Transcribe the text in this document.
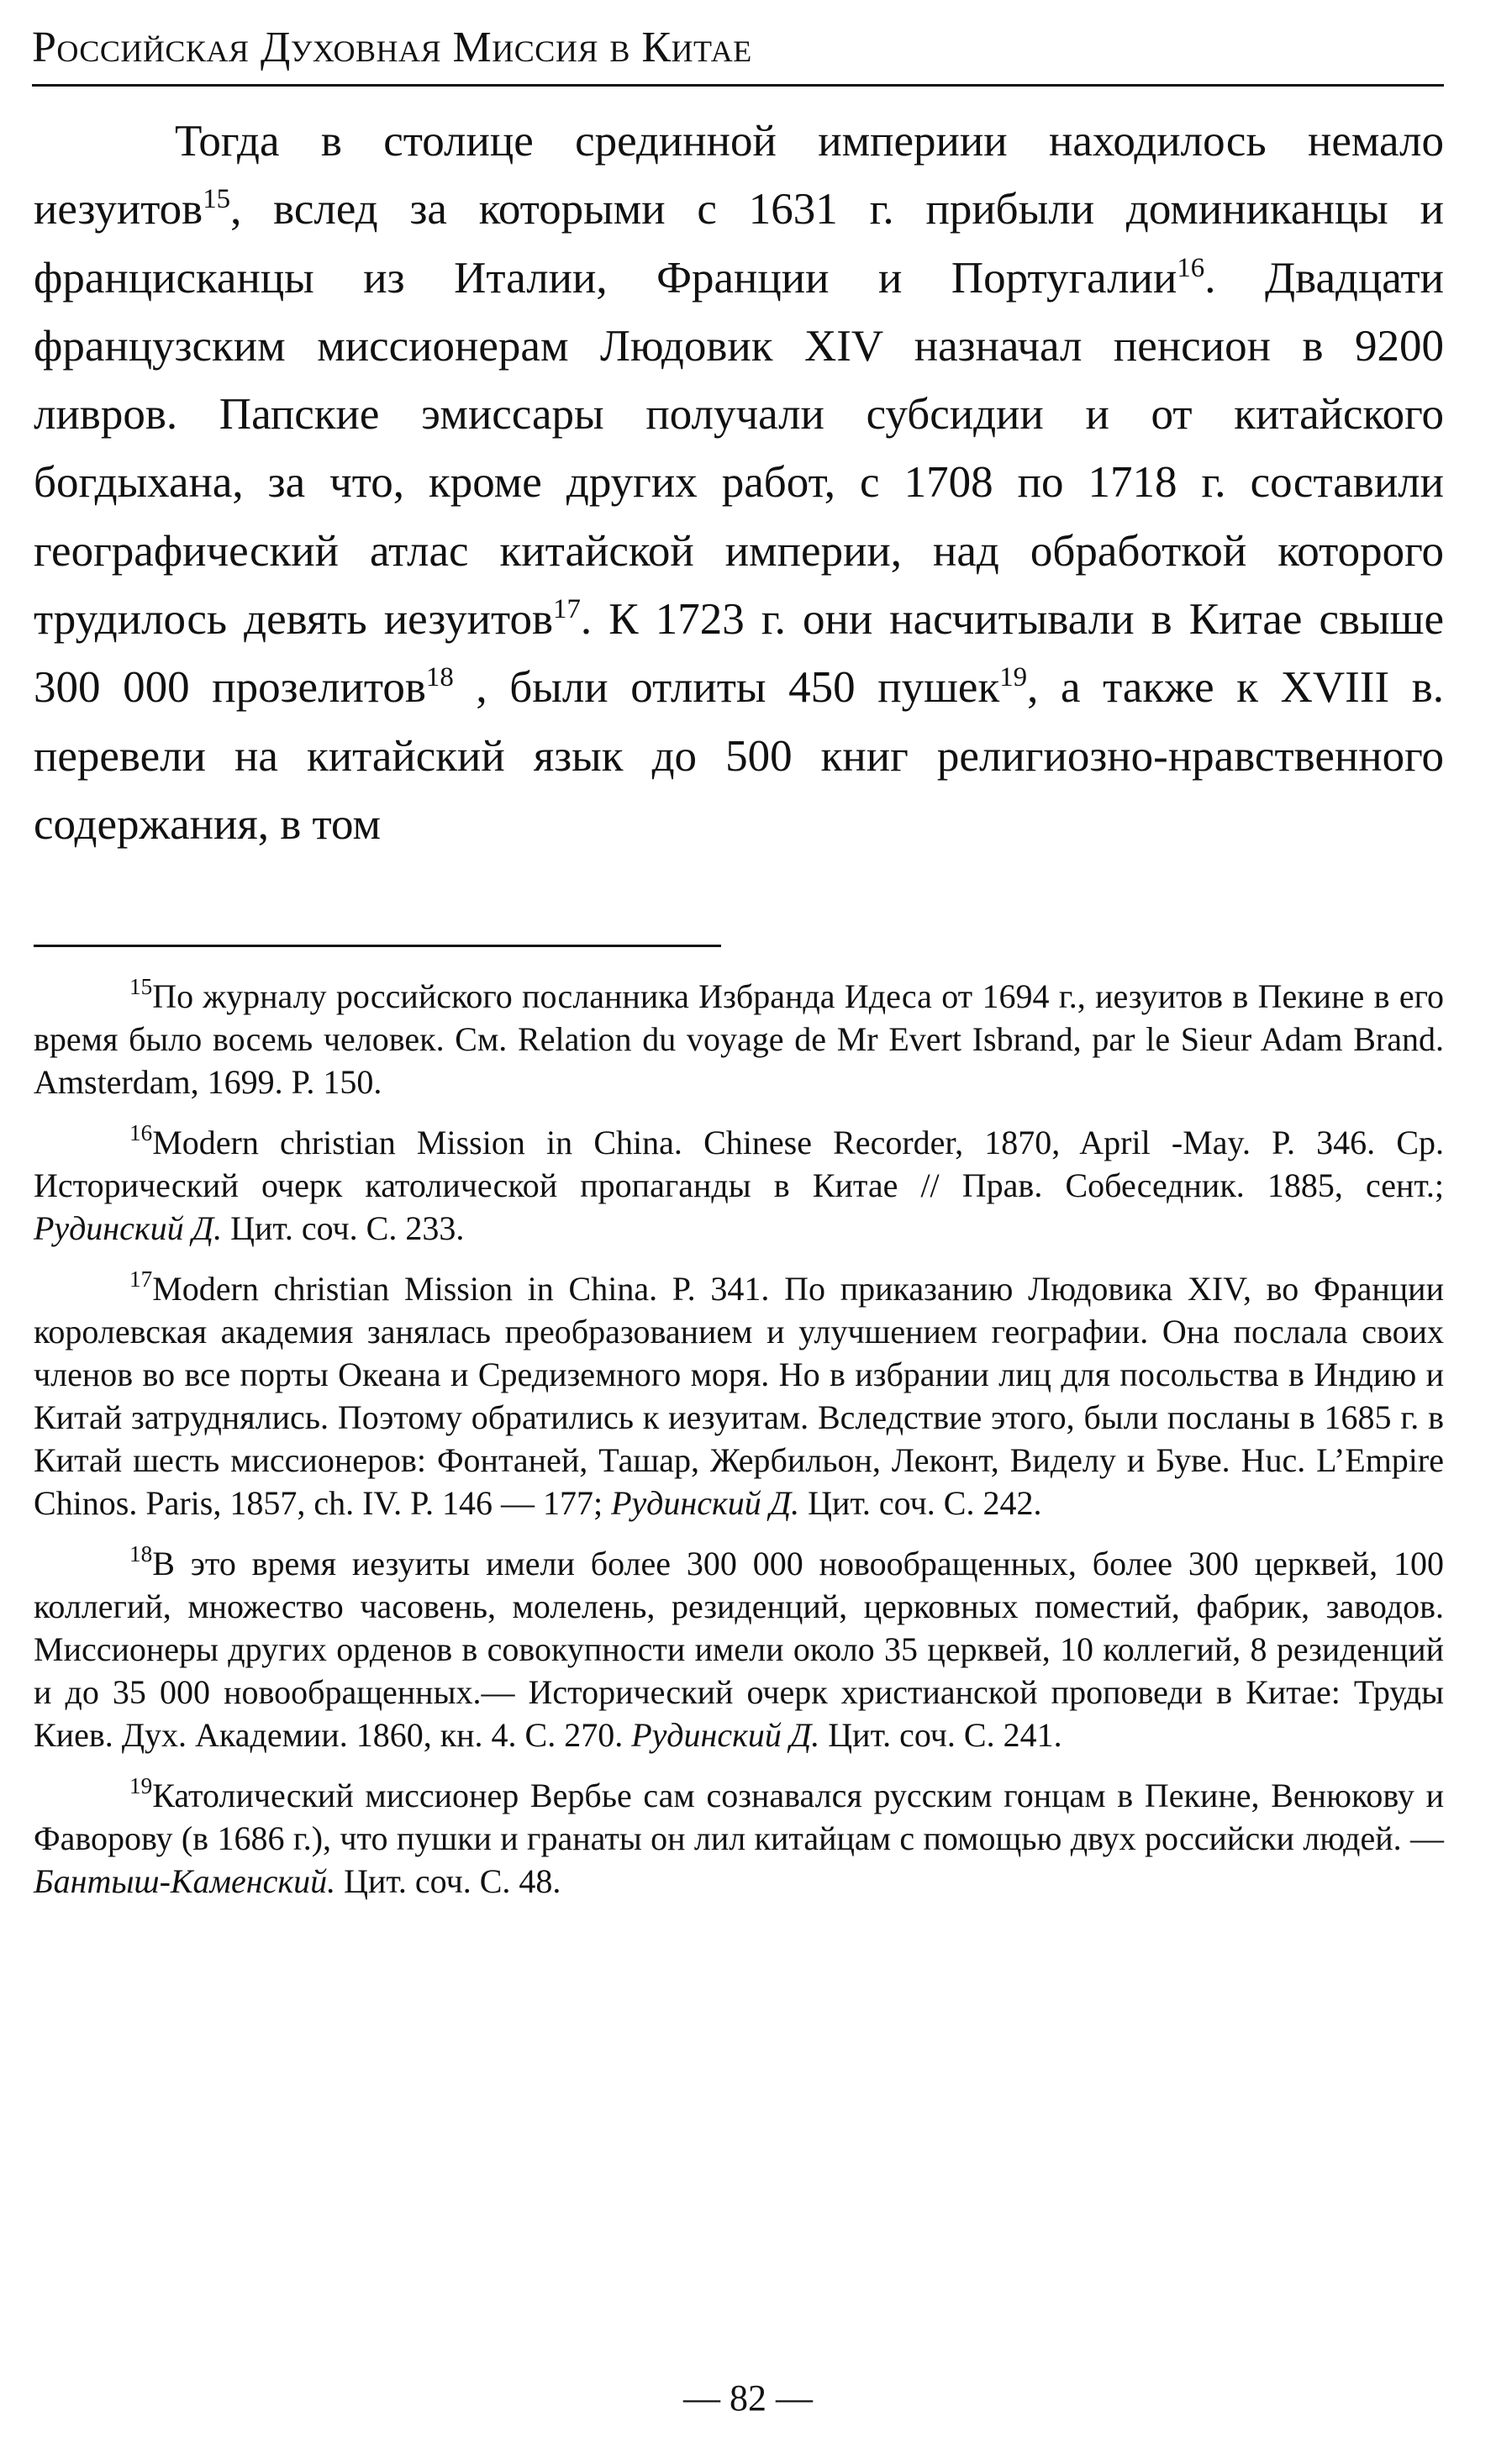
Российская Духовная Миссия в Китае

Тогда в столице срединной империии находилось немало иезуитов$^{15}$, вслед за которыми с 1631 г. прибыли доминиканцы и францисканцы из Италии, Франции и Португалии$^{16}$. Двадцати французским миссионерам Людовик XIV назначал пенсион в 9200 ливров. Папские эмиссары получали субсидии и от китайского богдыхана, за что, кроме других работ, с 1708 по 1718 г. составили географический атлас китайской империи, над обработкой которого трудилось девять иезуитов$^{17}$. К 1723 г. они насчитывали в Китае свыше 300 000 прозелитов$^{18}$ , были отлиты 450 пушек$^{19}$, а также к XVIII в. перевели на китайский язык до 500 книг религиозно-нравственного содержания, в том

$^{15}$По журналу российского посланника Избранда Идеса от 1694 г., иезуитов в Пекине в его время было восемь человек. См. Relation du voyage de Mr Evert Isbrand, par le Sieur Adam Brand. Amsterdam, 1699. P. 150.

$^{16}$Modern christian Mission in China. Chinese Recorder, 1870, April -May. P. 346. Ср. Исторический очерк католической пропаганды в Китае // Прав. Собеседник. 1885, сент.; Рудинский Д. Цит. соч. С. 233.

$^{17}$Modern christian Mission in China. P. 341. По приказанию Людовика XIV, во Франции королевская академия занялась преобразованием и улучшением географии. Она послала своих членов во все порты Океана и Средиземного моря. Но в избрании лиц для посольства в Индию и Китай затруднялись. Поэтому обратились к иезуитам. Вследствие этого, были посланы в 1685 г. в Китай шесть миссионеров: Фонтаней, Ташар, Жербильон, Леконт, Виделу и Буве. Huc. L’Empire Chinos. Paris, 1857, ch. IV. P. 146 — 177; Рудинский Д. Цит. соч. С. 242.

$^{18}$В это время иезуиты имели более 300 000 новообращенных, более 300 церквей, 100 коллегий, множество часовень, молелень, резиденций, церковных поместий, фабрик, заводов. Миссионеры других орденов в совокупности имели около 35 церквей, 10 коллегий, 8 резиденций и до 35 000 новообращенных.— Исторический очерк христианской проповеди в Китае: Труды Киев. Дух. Академии. 1860, кн. 4. С. 270. Рудинский Д. Цит. соч. С. 241.

$^{19}$Католический миссионер Вербье сам сознавался русским гонцам в Пекине, Венюкову и Фаворову (в 1686 г.), что пушки и гранаты он лил китайцам с помощью двух российски людей. — Бантыш-Каменский. Цит. соч. С. 48.

— 82 —
